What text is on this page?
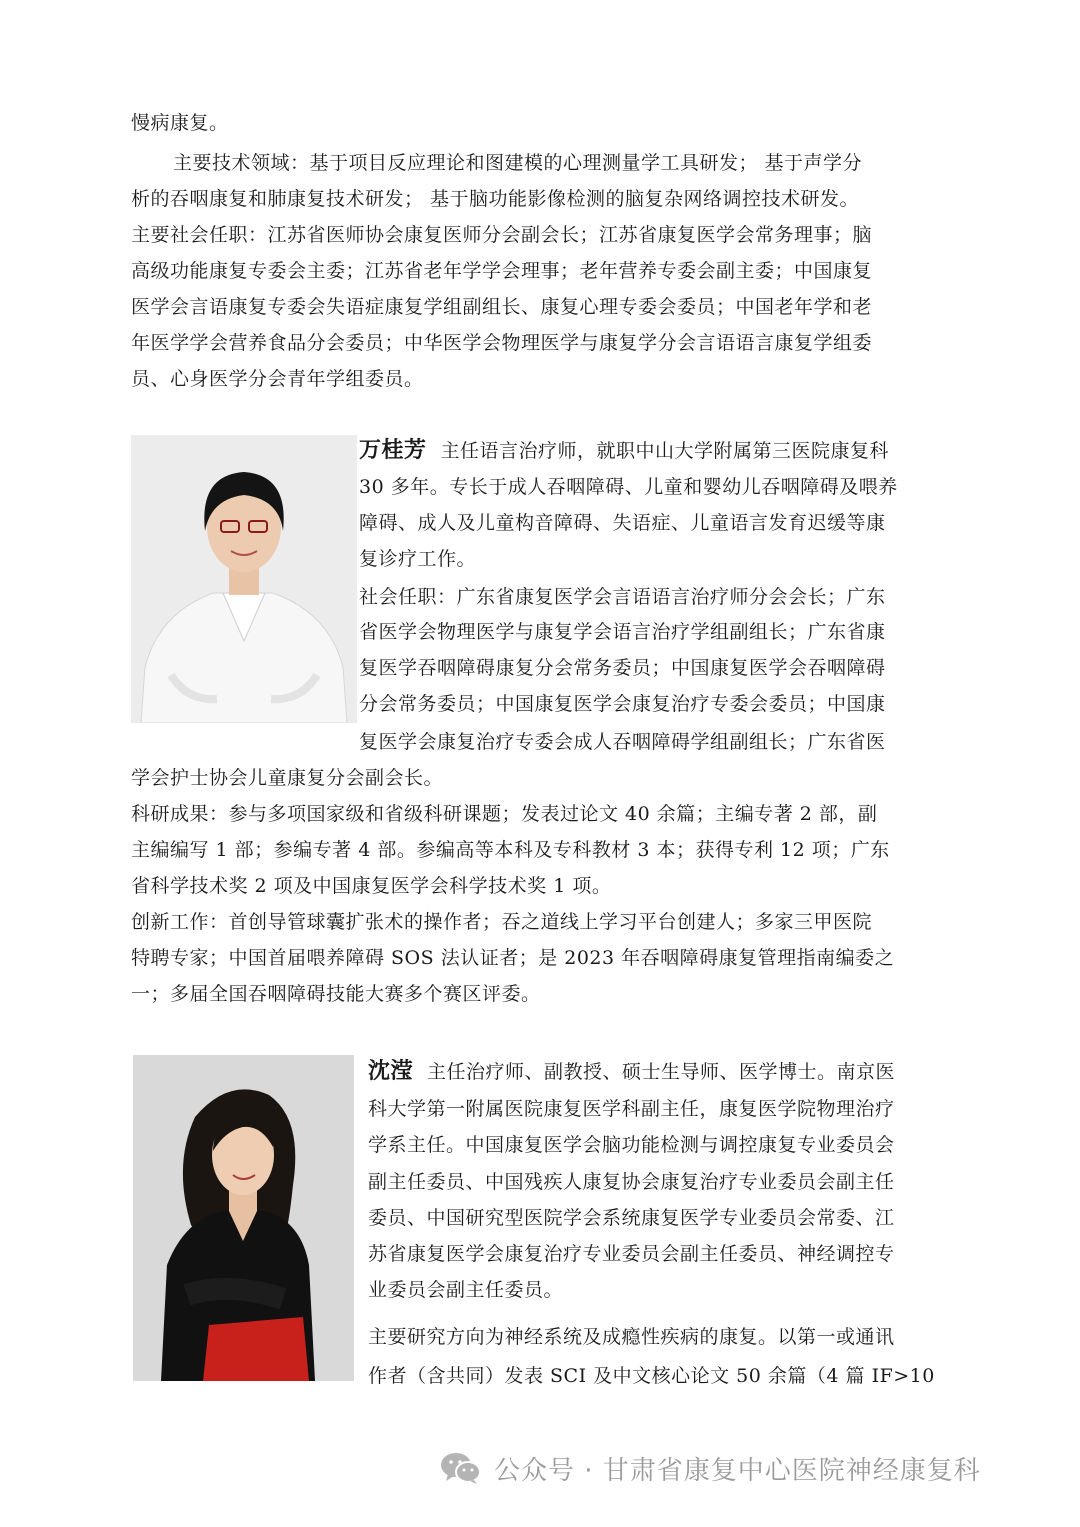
慢病康复。

主要技术领域：基于项目反应理论和图建模的心理测量学工具研发； 基于声学分

析的吞咽康复和肺康复技术研发； 基于脑功能影像检测的脑复杂网络调控技术研发。

主要社会任职：江苏省医师协会康复医师分会副会长；江苏省康复医学会常务理事；脑

高级功能康复专委会主委；江苏省老年学学会理事；老年营养专委会副主委；中国康复

医学会言语康复专委会失语症康复学组副组长、康复心理专委会委员；中国老年学和老

年医学学会营养食品分会委员；中华医学会物理医学与康复学分会言语语言康复学组委

员、心身医学分会青年学组委员。

万桂芳 主任语言治疗师，就职中山大学附属第三医院康复科

30 多年。专长于成人吞咽障碍、儿童和婴幼儿吞咽障碍及喂养

障碍、成人及儿童构音障碍、失语症、儿童语言发育迟缓等康

复诊疗工作。

社会任职：广东省康复医学会言语语言治疗师分会会长；广东

省医学会物理医学与康复学会语言治疗学组副组长；广东省康

复医学吞咽障碍康复分会常务委员；中国康复医学会吞咽障碍

分会常务委员；中国康复医学会康复治疗专委会委员；中国康

复医学会康复治疗专委会成人吞咽障碍学组副组长；广东省医

学会护士协会儿童康复分会副会长。

科研成果：参与多项国家级和省级科研课题；发表过论文 40 余篇；主编专著 2 部，副

主编编写 1 部；参编专著 4 部。参编高等本科及专科教材 3 本；获得专利 12 项；广东

省科学技术奖 2 项及中国康复医学会科学技术奖 1 项。

创新工作：首创导管球囊扩张术的操作者；吞之道线上学习平台创建人；多家三甲医院

特聘专家；中国首届喂养障碍 SOS 法认证者；是 2023 年吞咽障碍康复管理指南编委之

一；多届全国吞咽障碍技能大赛多个赛区评委。

沈滢 主任治疗师、副教授、硕士生导师、医学博士。南京医

科大学第一附属医院康复医学科副主任，康复医学院物理治疗

学系主任。中国康复医学会脑功能检测与调控康复专业委员会

副主任委员、中国残疾人康复协会康复治疗专业委员会副主任

委员、中国研究型医院学会系统康复医学专业委员会常委、江

苏省康复医学会康复治疗专业委员会副主任委员、神经调控专

业委员会副主任委员。

主要研究方向为神经系统及成瘾性疾病的康复。以第一或通讯

作者（含共同）发表 SCI 及中文核心论文 50 余篇（4 篇 IF>10

公众号 · 甘肃省康复中心医院神经康复科
